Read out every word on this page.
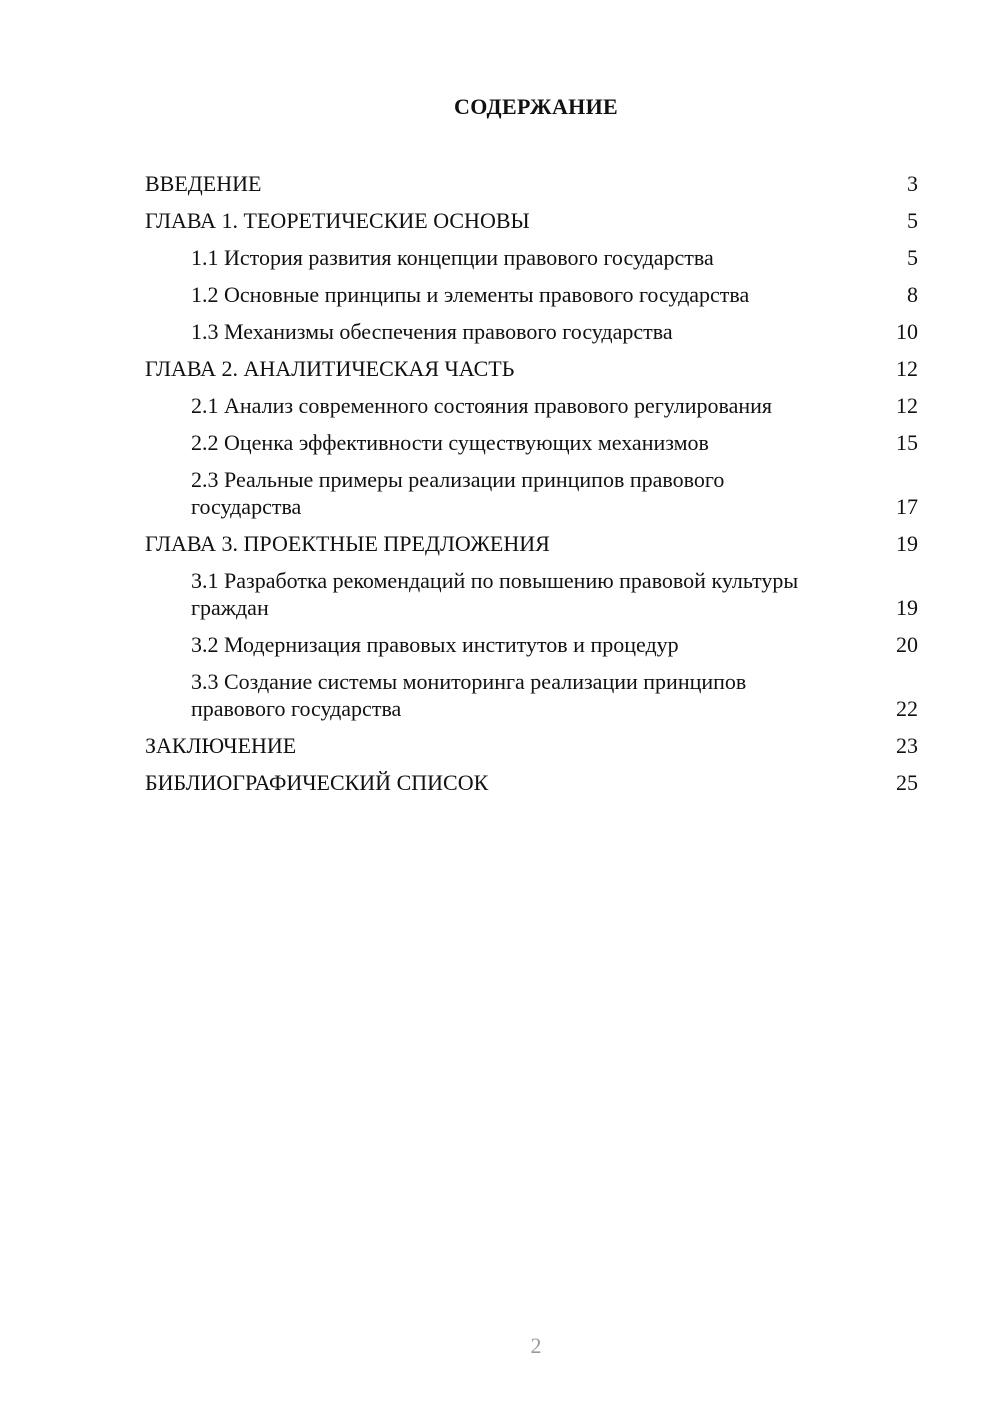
СОДЕРЖАНИЕ
ВВЕДЕНИЕ	3
ГЛАВА 1. ТЕОРЕТИЧЕСКИЕ ОСНОВЫ	5
1.1 История развития концепции правового государства	5
1.2 Основные принципы и элементы правового государства	8
1.3 Механизмы обеспечения правового государства	10
ГЛАВА 2. АНАЛИТИЧЕСКАЯ ЧАСТЬ	12
2.1 Анализ современного состояния правового регулирования	12
2.2 Оценка эффективности существующих механизмов	15
2.3 Реальные примеры реализации принципов правового государства	17
ГЛАВА 3. ПРОЕКТНЫЕ ПРЕДЛОЖЕНИЯ	19
3.1 Разработка рекомендаций по повышению правовой культуры граждан	19
3.2 Модернизация правовых институтов и процедур	20
3.3 Создание системы мониторинга реализации принципов правового государства	22
ЗАКЛЮЧЕНИЕ	23
БИБЛИОГРАФИЧЕСКИЙ СПИСОК	25
2
